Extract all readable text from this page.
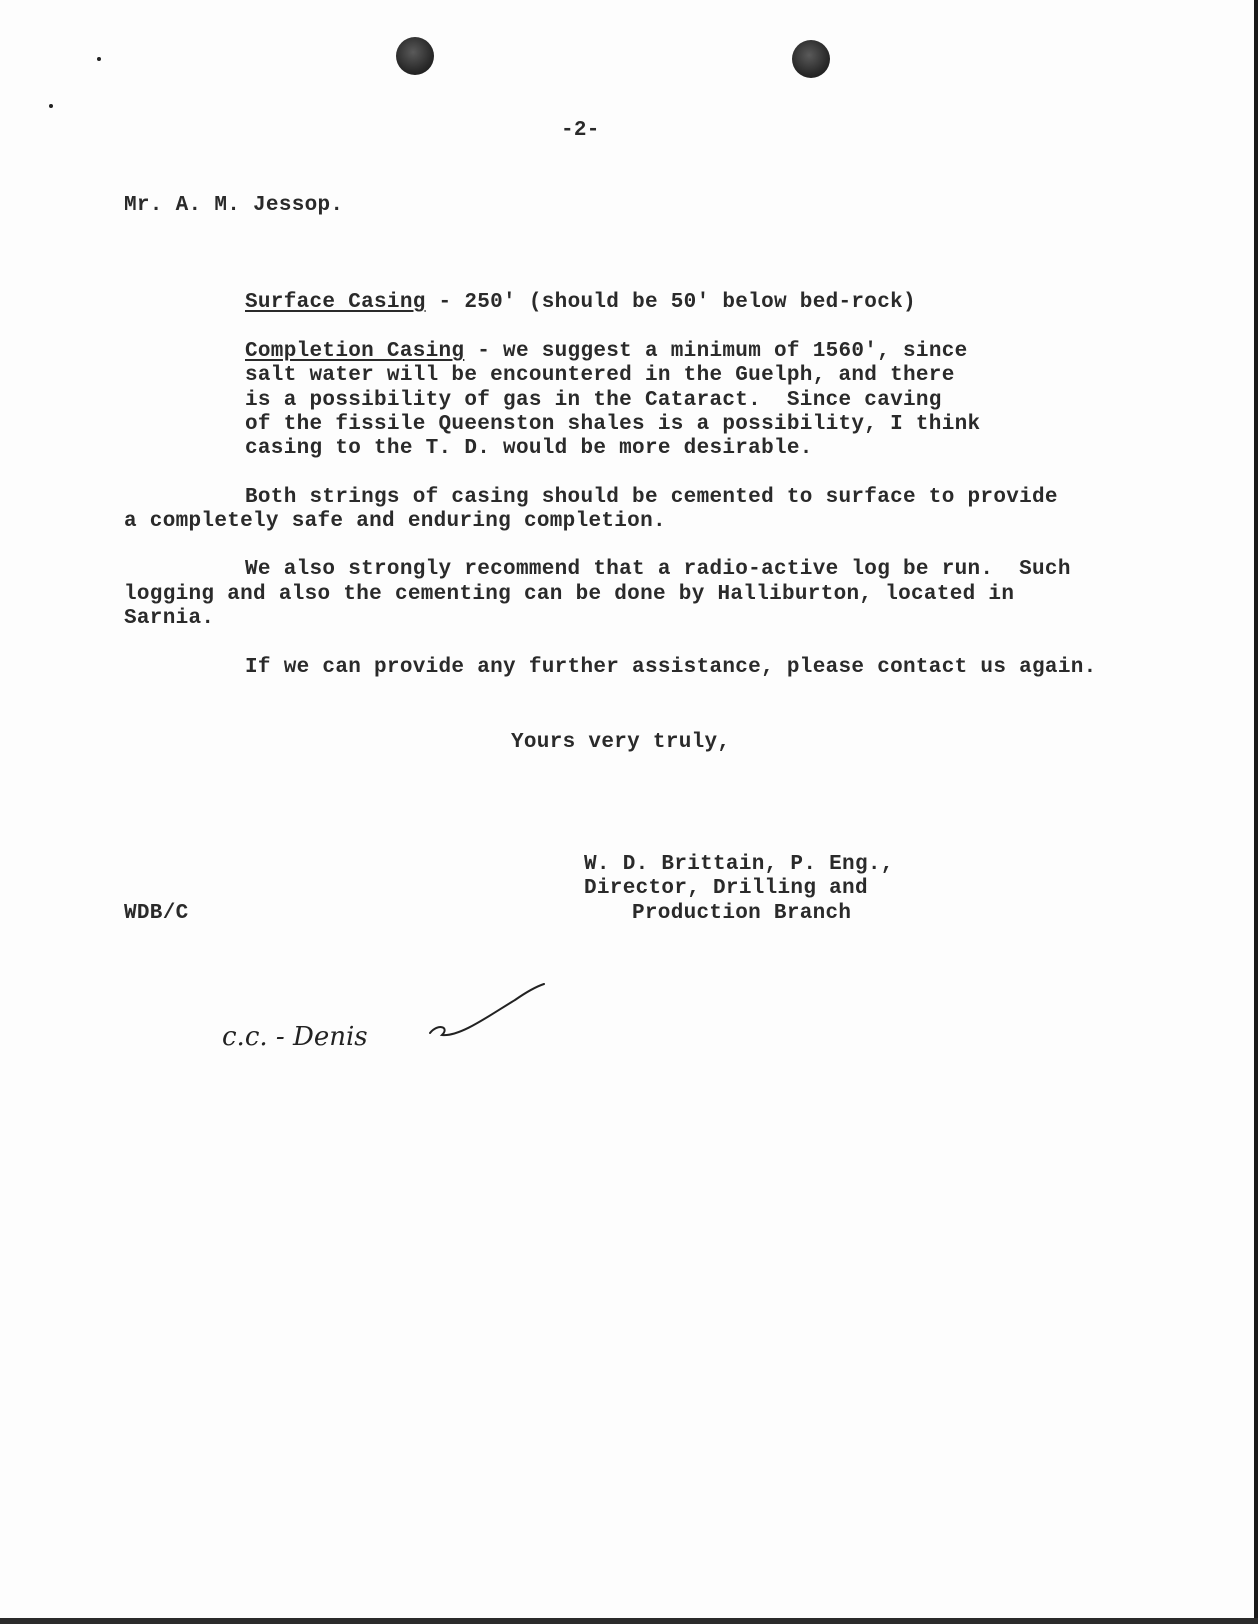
-2-
Mr. A. M. Jessop.
Surface Casing - 250' (should be 50' below bed-rock)
Completion Casing - we suggest a minimum of 1560', since
salt water will be encountered in the Guelph, and there
is a possibility of gas in the Cataract.  Since caving
of the fissile Queenston shales is a possibility, I think
casing to the T. D. would be more desirable.
Both strings of casing should be cemented to surface to provide
a completely safe and enduring completion.
We also strongly recommend that a radio-active log be run.  Such
logging and also the cementing can be done by Halliburton, located in
Sarnia.
If we can provide any further assistance, please contact us again.
Yours very truly,
W. D. Brittain, P. Eng.,
Director, Drilling and
Production Branch
WDB/C
c.c. - Denis
